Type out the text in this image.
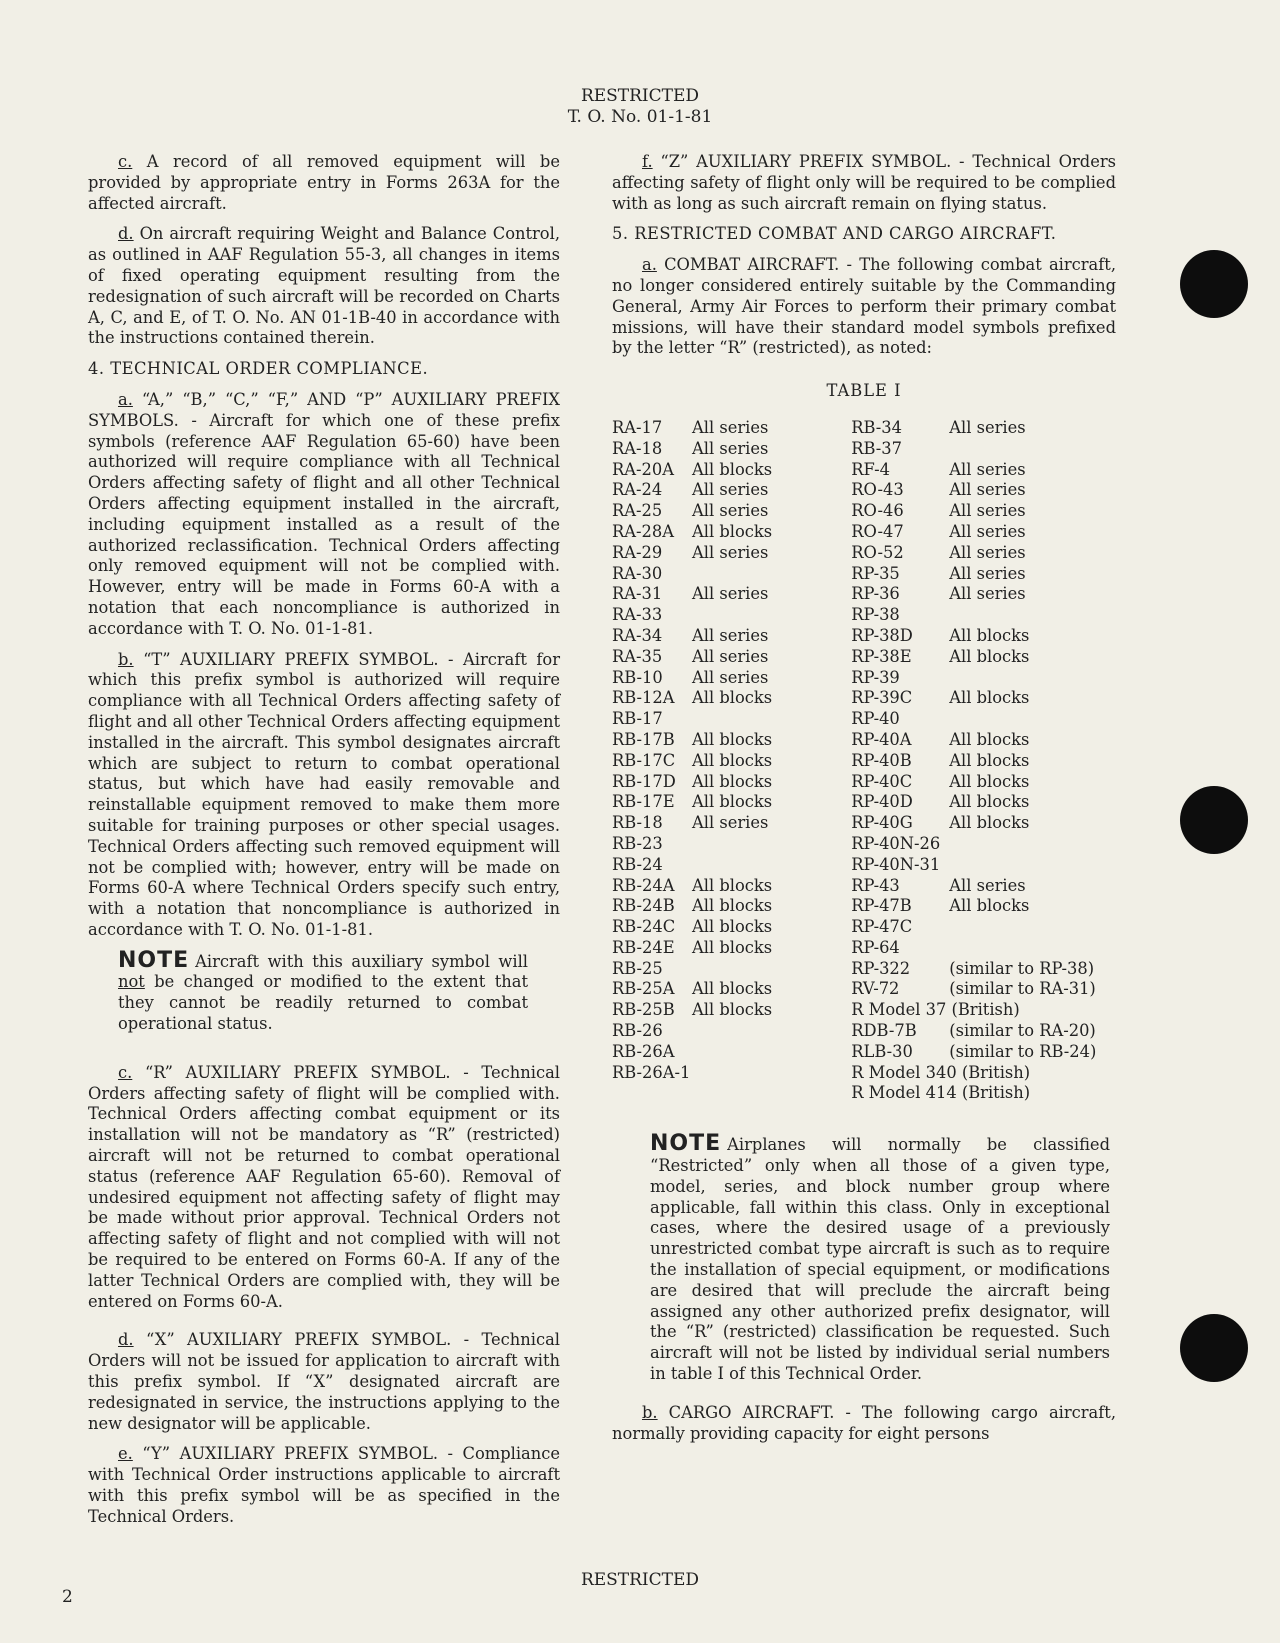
RESTRICTED
T. O. No. 01-1-81

c. A record of all removed equipment will be provided by appropriate entry in Forms 263A for the affected aircraft.

d. On aircraft requiring Weight and Balance Control, as outlined in AAF Regulation 55-3, all changes in items of fixed operating equipment resulting from the redesignation of such aircraft will be recorded on Charts A, C, and E, of T. O. No. AN 01-1B-40 in accordance with the instructions contained therein.

4. TECHNICAL ORDER COMPLIANCE.

a. “A,” “B,” “C,” “F,” AND “P” AUXILIARY PREFIX SYMBOLS. - Aircraft for which one of these prefix symbols (reference AAF Regulation 65-60) have been authorized will require compliance with all Technical Orders affecting safety of flight and all other Technical Orders affecting equipment installed in the aircraft, including equipment installed as a result of the authorized reclassification. Technical Orders affecting only removed equipment will not be complied with. However, entry will be made in Forms 60-A with a notation that each noncompliance is authorized in accordance with T. O. No. 01-1-81.

b. “T” AUXILIARY PREFIX SYMBOL. - Aircraft for which this prefix symbol is authorized will require compliance with all Technical Orders affecting safety of flight and all other Technical Orders affecting equipment installed in the aircraft. This symbol designates aircraft which are subject to return to combat operational status, but which have had easily removable and reinstallable equipment removed to make them more suitable for training purposes or other special usages. Technical Orders affecting such removed equipment will not be complied with; however, entry will be made on Forms 60-A where Technical Orders specify such entry, with a notation that noncompliance is authorized in accordance with T. O. No. 01-1-81.

NOTE Aircraft with this auxiliary symbol will not be changed or modified to the extent that they cannot be readily returned to combat operational status.

c. “R” AUXILIARY PREFIX SYMBOL. - Technical Orders affecting safety of flight will be complied with. Technical Orders affecting combat equipment or its installation will not be mandatory as “R” (restricted) aircraft will not be returned to combat operational status (reference AAF Regulation 65-60). Removal of undesired equipment not affecting safety of flight may be made without prior approval. Technical Orders not affecting safety of flight and not complied with will not be required to be entered on Forms 60-A. If any of the latter Technical Orders are complied with, they will be entered on Forms 60-A.

d. “X” AUXILIARY PREFIX SYMBOL. - Technical Orders will not be issued for application to aircraft with this prefix symbol. If “X” designated aircraft are redesignated in service, the instructions applying to the new designator will be applicable.

e. “Y” AUXILIARY PREFIX SYMBOL. - Compliance with Technical Order instructions applicable to aircraft with this prefix symbol will be as specified in the Technical Orders.

f. “Z” AUXILIARY PREFIX SYMBOL. - Technical Orders affecting safety of flight only will be required to be complied with as long as such aircraft remain on flying status.

5. RESTRICTED COMBAT AND CARGO AIRCRAFT.

a. COMBAT AIRCRAFT. - The following combat aircraft, no longer considered entirely suitable by the Commanding General, Army Air Forces to perform their primary combat missions, will have their standard model symbols prefixed by the letter “R” (restricted), as noted:

TABLE I
RA-17	All series
RA-18	All series
RA-20A	All blocks
RA-24	All series
RA-25	All series
RA-28A	All blocks
RA-29	All series
RA-30
RA-31	All series
RA-33
RA-34	All series
RA-35	All series
RB-10	All series
RB-12A	All blocks
RB-17
RB-17B	All blocks
RB-17C	All blocks
RB-17D All blocks
RB-17E	All blocks
RB-18	All series
RB-23
RB-24
RB-24A	All blocks
RB-24B	All blocks
RB-24C	All blocks
RB-24E	All blocks
RB-25
RB-25A	All blocks
RB-25B	All blocks
RB-26
RB-26A
RB-26A-1
RB-34	All series
RB-37
RF-4	All series
RO-43	All series
RO-46	All series
RO-47	All series
RO-52	All series
RP-35	All series
RP-36	All series
RP-38
RP-38D	All blocks
RP-38E	All blocks
RP-39
RP-39C	All blocks
RP-40
RP-40A	All blocks
RP-40B	All blocks
RP-40C	All blocks
RP-40D	All blocks
RP-40G	All blocks
RP-40N-26
RP-40N-31
RP-43	All series
RP-47B	All blocks
RP-47C
RP-64
RP-322	(similar to RP-38)
RV-72	(similar to RA-31)
R Model 37 (British)
RDB-7B	(similar to RA-20)
RLB-30	(similar to RB-24)
R Model 340 (British)
R Model 414 (British)
NOTE Airplanes will normally be classified “Restricted” only when all those of a given type, model, series, and block number group where applicable, fall within this class. Only in exceptional cases, where the desired usage of a previously unrestricted combat type aircraft is such as to require the installation of special equipment, or modifications are desired that will preclude the aircraft being assigned any other authorized prefix designator, will the “R” (restricted) classification be requested. Such aircraft will not be listed by individual serial numbers in table I of this Technical Order.

b. CARGO AIRCRAFT. - The following cargo aircraft, normally providing capacity for eight persons

RESTRICTED
2
